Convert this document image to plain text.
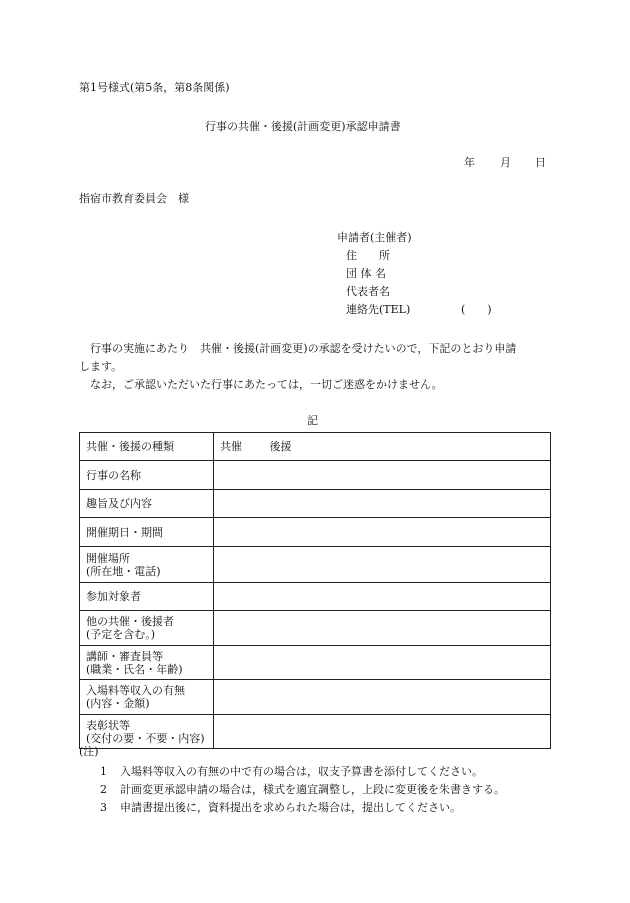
第1号様式(第5条，第8条関係)
行事の共催・後援(計画変更)承認申請書
年 月 日
指宿市教育委員会　様
申請者(主催者)
住　　所
団 体 名
代表者名
連絡先(TEL)	(　　)
　行事の実施にあたり　共催・後援(計画変更)の承認を受けたいので，下記のとおり申請
します。
　なお，ご承認いただいた行事にあたっては，一切ご迷惑をかけません。
記
共催・後援の種類	共催 後援
行事の名称	
趣旨及び内容	
開催期日・期間	
開催場所
(所在地・電話)	
参加対象者	
他の共催・後援者
(予定を含む。)	
講師・審査員等
(職業・氏名・年齢)	
入場料等収入の有無
(内容・金額)	
表彰状等
(交付の要・不要・内容)	
(注)
1 入場料等収入の有無の中で有の場合は，収支予算書を添付してください。
2 計画変更承認申請の場合は，様式を適宜調整し，上段に変更後を朱書きする。
3 申請書提出後に，資料提出を求められた場合は，提出してください。
